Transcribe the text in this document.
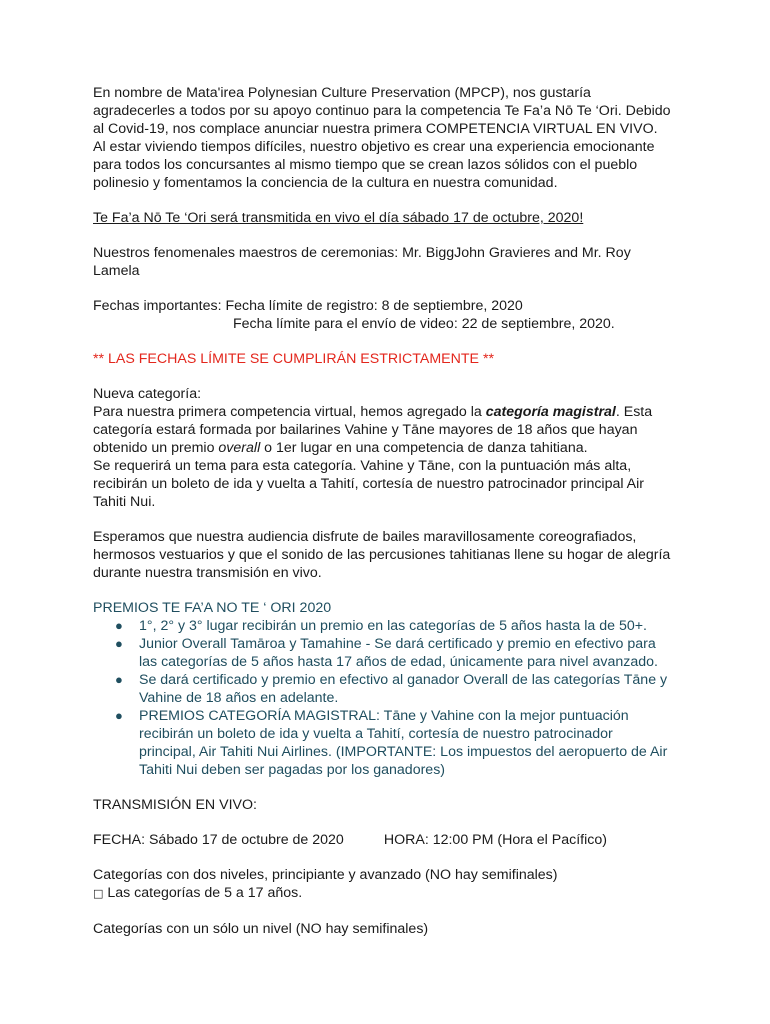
En nombre de Mata'irea Polynesian Culture Preservation (MPCP), nos gustaría

agradecerles a todos por su apoyo continuo para la competencia Te Fa’a Nō Te ‘Ori. Debido

al Covid-19, nos complace anunciar nuestra primera COMPETENCIA VIRTUAL EN VIVO.

Al estar viviendo tiempos difíciles, nuestro objetivo es crear una experiencia emocionante

para todos los concursantes al mismo tiempo que se crean lazos sólidos con el pueblo

polinesio y fomentamos la conciencia de la cultura en nuestra comunidad.

Te Fa’a Nō Te ‘Ori será transmitida en vivo el día sábado 17 de octubre, 2020!

Nuestros fenomenales maestros de ceremonias: Mr. BiggJohn Gravieres and Mr. Roy

Lamela

Fechas importantes: Fecha límite de registro: 8 de septiembre, 2020

Fecha límite para el envío de video: 22 de septiembre, 2020.

** LAS FECHAS LÍMITE SE CUMPLIRÁN ESTRICTAMENTE **

Nueva categoría:

Para nuestra primera competencia virtual, hemos agregado la categoría magistral. Esta

categoría estará formada por bailarines Vahine y Tāne mayores de 18 años que hayan

obtenido un premio overall o 1er lugar en una competencia de danza tahitiana.

Se requerirá un tema para esta categoría. Vahine y Tāne, con la puntuación más alta,

recibirán un boleto de ida y vuelta a Tahití, cortesía de nuestro patrocinador principal Air

Tahiti Nui.

Esperamos que nuestra audiencia disfrute de bailes maravillosamente coreografiados,

hermosos vestuarios y que el sonido de las percusiones tahitianas llene su hogar de alegría

durante nuestra transmisión en vivo.

PREMIOS TE FA’A NO TE ‘ ORI 2020

● 1°, 2° y 3° lugar recibirán un premio en las categorías de 5 años hasta la de 50+.

● Junior Overall Tamāroa y Tamahine - Se dará certificado y premio en efectivo para

las categorías de 5 años hasta 17 años de edad, únicamente para nivel avanzado.

● Se dará certificado y premio en efectivo al ganador Overall de las categorías Tāne y

Vahine de 18 años en adelante.

● PREMIOS CATEGORÍA MAGISTRAL: Tāne y Vahine con la mejor puntuación

recibirán un boleto de ida y vuelta a Tahití, cortesía de nuestro patrocinador

principal, Air Tahiti Nui Airlines. (IMPORTANTE: Los impuestos del aeropuerto de Air

Tahiti Nui deben ser pagadas por los ganadores)

TRANSMISIÓN EN VIVO:

FECHA: Sábado 17 de octubre de 2020	HORA: 12:00 PM (Hora el Pacífico)

Categorías con dos niveles, principiante y avanzado (NO hay semifinales)

□ Las categorías de 5 a 17 años.

Categorías con un sólo un nivel (NO hay semifinales)
